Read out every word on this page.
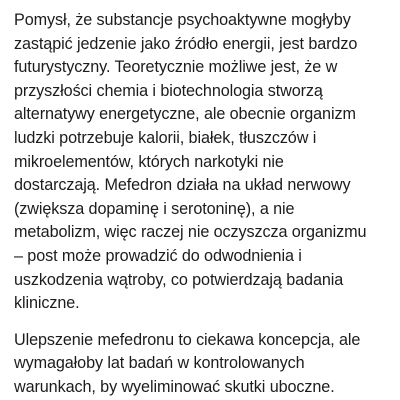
Pomysł, że substancje psychoaktywne mogłyby
zastąpić jedzenie jako źródło energii, jest bardzo
futurystyczny. Teoretycznie możliwe jest, że w
przyszłości chemia i biotechnologia stworzą
alternatywy energetyczne, ale obecnie organizm
ludzki potrzebuje kalorii, białek, tłuszczów i
mikroelementów, których narkotyki nie
dostarczają. Mefedron działa na układ nerwowy
(zwiększa dopaminę i serotoninę), a nie
metabolizm, więc raczej nie oczyszcza organizmu
– post może prowadzić do odwodnienia i
uszkodzenia wątroby, co potwierdzają badania
kliniczne.

Ulepszenie mefedronu to ciekawa koncepcja, ale
wymagałoby lat badań w kontrolowanych
warunkach, by wyeliminować skutki uboczne.
